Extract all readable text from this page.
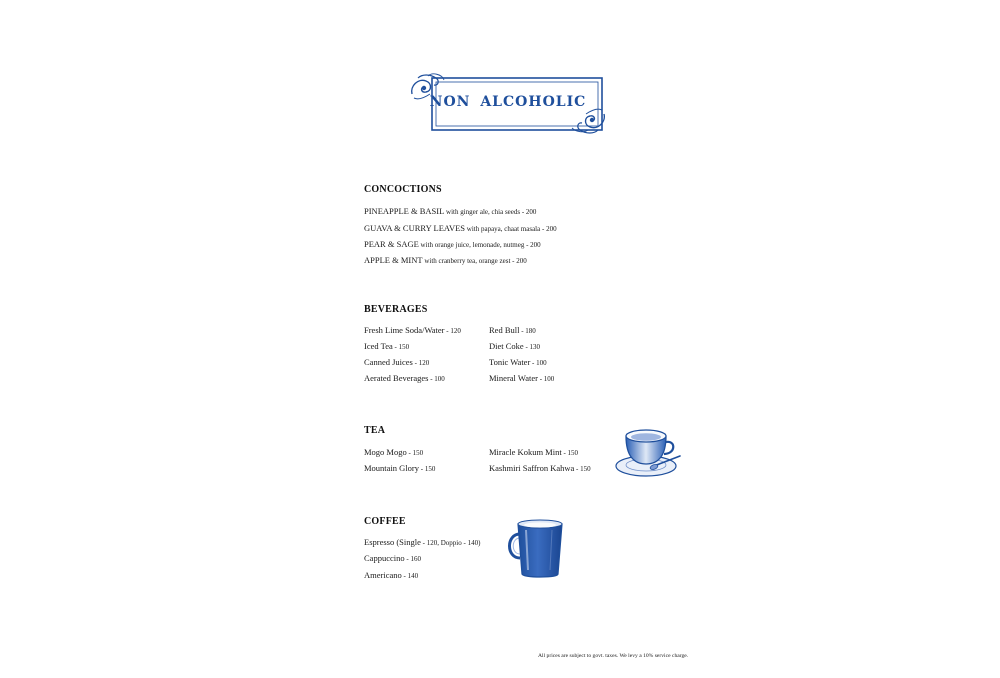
NON ALCOHOLIC
CONCOCTIONS
PINEAPPLE & BASIL with ginger ale, chia seeds - 200
GUAVA & CURRY LEAVES with papaya, chaat masala - 200
PEAR & SAGE with orange juice, lemonade, nutmeg - 200
APPLE & MINT with cranberry tea, orange zest - 200
BEVERAGES
Fresh Lime Soda/Water - 120
Iced Tea - 150
Canned Juices - 120
Aerated Beverages - 100
Red Bull - 180
Diet Coke - 130
Tonic Water - 100
Mineral Water - 100
TEA
Mogo Mogo - 150
Mountain Glory - 150
Miracle Kokum Mint - 150
Kashmiri Saffron Kahwa - 150
COFFEE
Espresso (Single - 120, Doppio - 140)
Cappuccino - 160
Americano - 140
All prices are subject to govt. taxes. We levy a 10% service charge.
